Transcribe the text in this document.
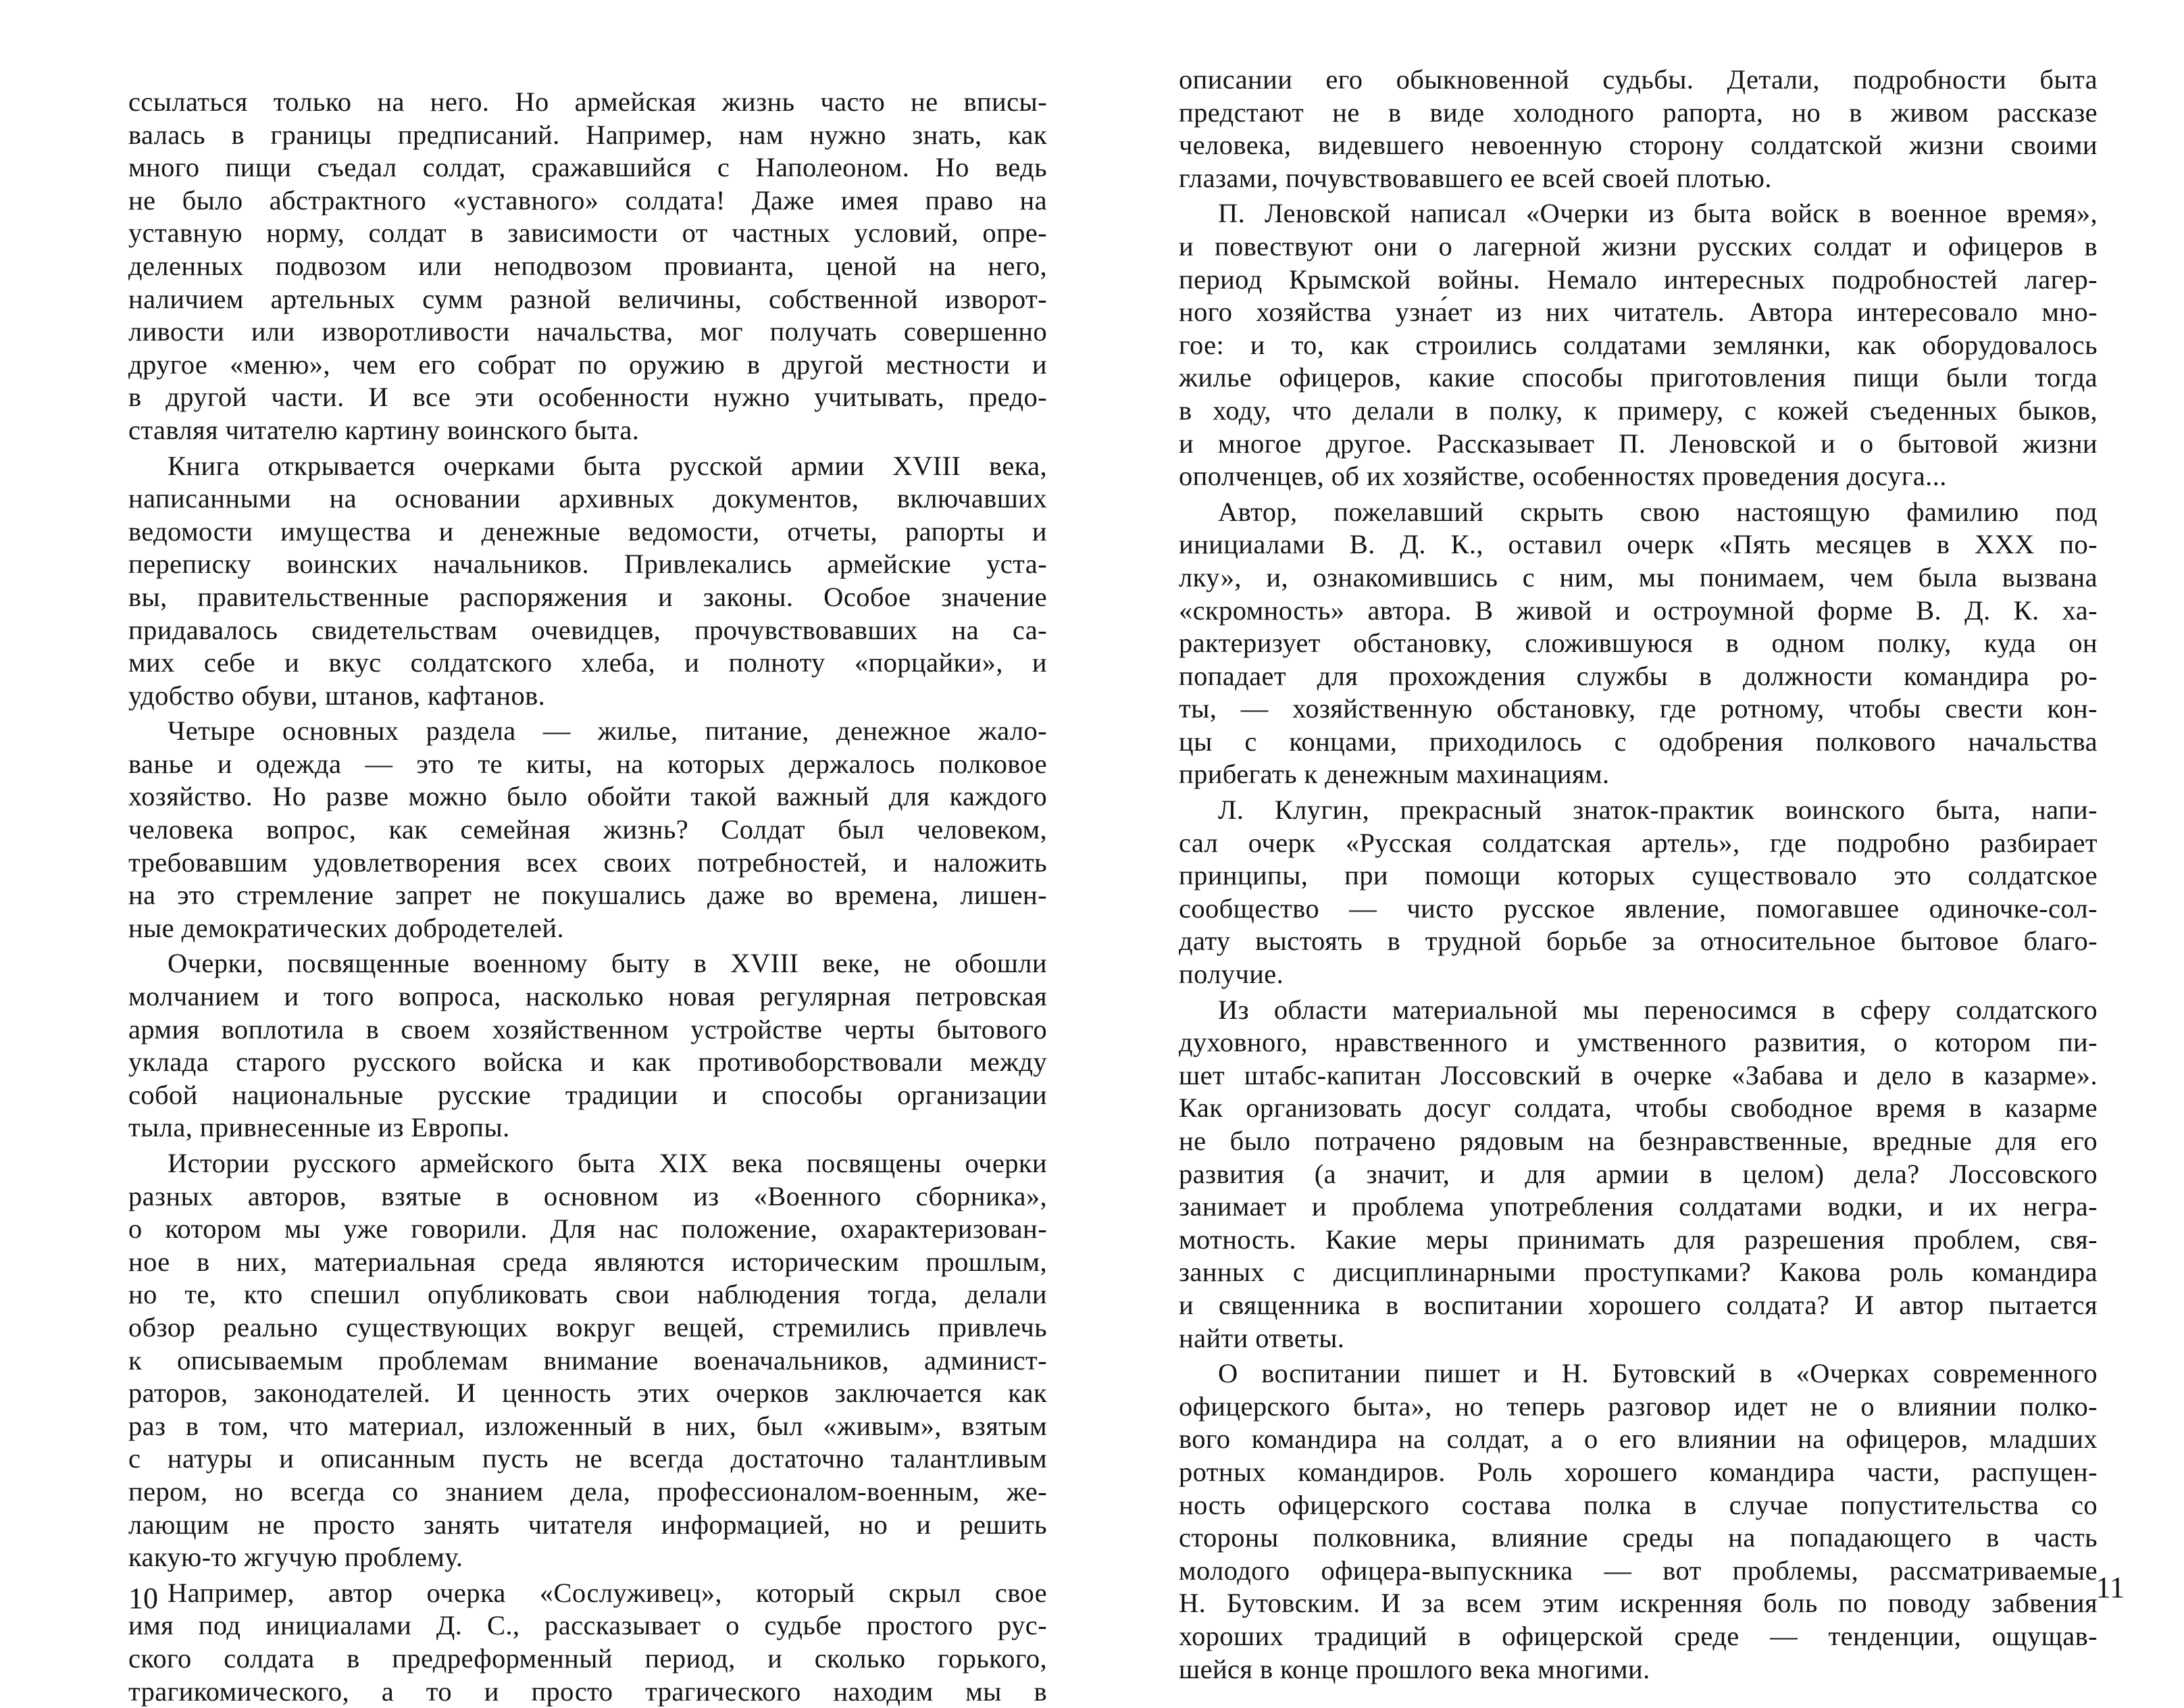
ссылаться только на него. Но армейская жизнь часто не вписы-
валась в границы предписаний. Например, нам нужно знать, как
много пищи съедал солдат, сражавшийся с Наполеоном. Но ведь
не было абстрактного «уставного» солдата! Даже имея право на
уставную норму, солдат в зависимости от частных условий, опре-
деленных подвозом или неподвозом провианта, ценой на него,
наличием артельных сумм разной величины, собственной изворот-
ливости или изворотливости начальства, мог получать совершенно
другое «меню», чем его собрат по оружию в другой местности и
в другой части. И все эти особенности нужно учитывать, предо-
ставляя читателю картину воинского быта.
Книга открывается очерками быта русской армии XVIII века,
написанными на основании архивных документов, включавших
ведомости имущества и денежные ведомости, отчеты, рапорты и
переписку воинских начальников. Привлекались армейские уста-
вы, правительственные распоряжения и законы. Особое значение
придавалось свидетельствам очевидцев, прочувствовавших на са-
мих себе и вкус солдатского хлеба, и полноту «порцайки», и
удобство обуви, штанов, кафтанов.
Четыре основных раздела — жилье, питание, денежное жало-
ванье и одежда — это те киты, на которых держалось полковое
хозяйство. Но разве можно было обойти такой важный для каждого
человека вопрос, как семейная жизнь? Солдат был человеком,
требовавшим удовлетворения всех своих потребностей, и наложить
на это стремление запрет не покушались даже во времена, лишен-
ные демократических добродетелей.
Очерки, посвященные военному быту в XVIII веке, не обошли
молчанием и того вопроса, насколько новая регулярная петровская
армия воплотила в своем хозяйственном устройстве черты бытового
уклада старого русского войска и как противоборствовали между
собой национальные русские традиции и способы организации
тыла, привнесенные из Европы.
Истории русского армейского быта XIX века посвящены очерки
разных авторов, взятые в основном из «Военного сборника»,
о котором мы уже говорили. Для нас положение, охарактеризован-
ное в них, материальная среда являются историческим прошлым,
но те, кто спешил опубликовать свои наблюдения тогда, делали
обзор реально существующих вокруг вещей, стремились привлечь
к описываемым проблемам внимание военачальников, админист-
раторов, законодателей. И ценность этих очерков заключается как
раз в том, что материал, изложенный в них, был «живым», взятым
с натуры и описанным пусть не всегда достаточно талантливым
пером, но всегда со знанием дела, профессионалом-военным, же-
лающим не просто занять читателя информацией, но и решить
какую-то жгучую проблему.
Например, автор очерка «Сослуживец», который скрыл свое
имя под инициалами Д. С., рассказывает о судьбе простого рус-
ского солдата в предреформенный период, и сколько горького,
трагикомического, а то и просто трагического находим мы в
10
описании его обыкновенной судьбы. Детали, подробности быта
предстают не в виде холодного рапорта, но в живом рассказе
человека, видевшего невоенную сторону солдатской жизни своими
глазами, почувствовавшего ее всей своей плотью.
П. Леновской написал «Очерки из быта войск в военное время»,
и повествуют они о лагерной жизни русских солдат и офицеров в
период Крымской войны. Немало интересных подробностей лагер-
ного хозяйства узна́ет из них читатель. Автора интересовало мно-
гое: и то, как строились солдатами землянки, как оборудовалось
жилье офицеров, какие способы приготовления пищи были тогда
в ходу, что делали в полку, к примеру, с кожей съеденных быков,
и многое другое. Рассказывает П. Леновской и о бытовой жизни
ополченцев, об их хозяйстве, особенностях проведения досуга...
Автор, пожелавший скрыть свою настоящую фамилию под
инициалами В. Д. К., оставил очерк «Пять месяцев в XXX по-
лку», и, ознакомившись с ним, мы понимаем, чем была вызвана
«скромность» автора. В живой и остроумной форме В. Д. К. ха-
рактеризует обстановку, сложившуюся в одном полку, куда он
попадает для прохождения службы в должности командира ро-
ты, — хозяйственную обстановку, где ротному, чтобы свести кон-
цы с концами, приходилось с одобрения полкового начальства
прибегать к денежным махинациям.
Л. Клугин, прекрасный знаток-практик воинского быта, напи-
сал очерк «Русская солдатская артель», где подробно разбирает
принципы, при помощи которых существовало это солдатское
сообщество — чисто русское явление, помогавшее одиночке-сол-
дату выстоять в трудной борьбе за относительное бытовое благо-
получие.
Из области материальной мы переносимся в сферу солдатского
духовного, нравственного и умственного развития, о котором пи-
шет штабс-капитан Лоссовский в очерке «Забава и дело в казарме».
Как организовать досуг солдата, чтобы свободное время в казарме
не было потрачено рядовым на безнравственные, вредные для его
развития (а значит, и для армии в целом) дела? Лоссовского
занимает и проблема употребления солдатами водки, и их негра-
мотность. Какие меры принимать для разрешения проблем, свя-
занных с дисциплинарными проступками? Какова роль командира
и священника в воспитании хорошего солдата? И автор пытается
найти ответы.
О воспитании пишет и Н. Бутовский в «Очерках современного
офицерского быта», но теперь разговор идет не о влиянии полко-
вого командира на солдат, а о его влиянии на офицеров, младших
ротных командиров. Роль хорошего командира части, распущен-
ность офицерского состава полка в случае попустительства со
стороны полковника, влияние среды на попадающего в часть
молодого офицера-выпускника — вот проблемы, рассматриваемые
Н. Бутовским. И за всем этим искренняя боль по поводу забвения
хороших традиций в офицерской среде — тенденции, ощущав-
шейся в конце прошлого века многими.
11
